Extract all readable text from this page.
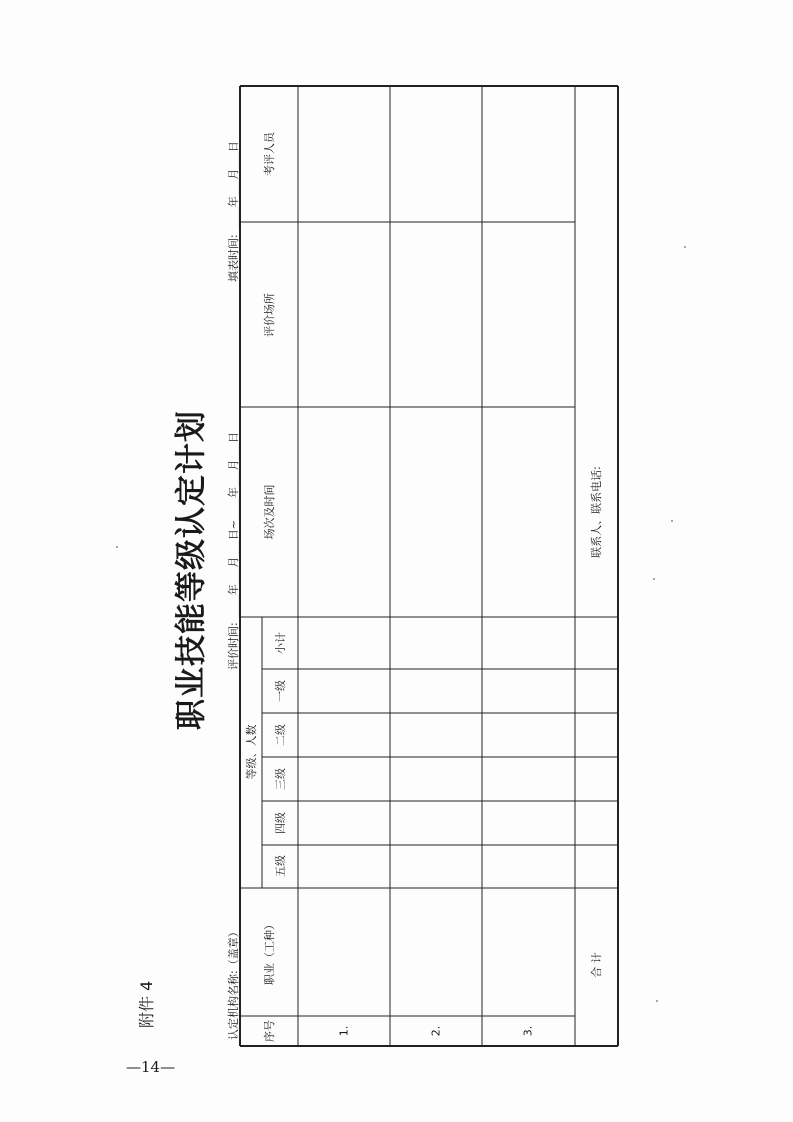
—14—
附件 4
职业技能等级认定计划
认定机构名称:（盖章）
评价时间: ____年___月___日~____年___月___日
填表时间: ____年___月___日
序号
职业（工种）
等级、人数
五级
四级
三级
二级
一级
小计
场次及时间
评价场所
考评人员
1.	2.	3.
合 计
联系人、联系电话:
